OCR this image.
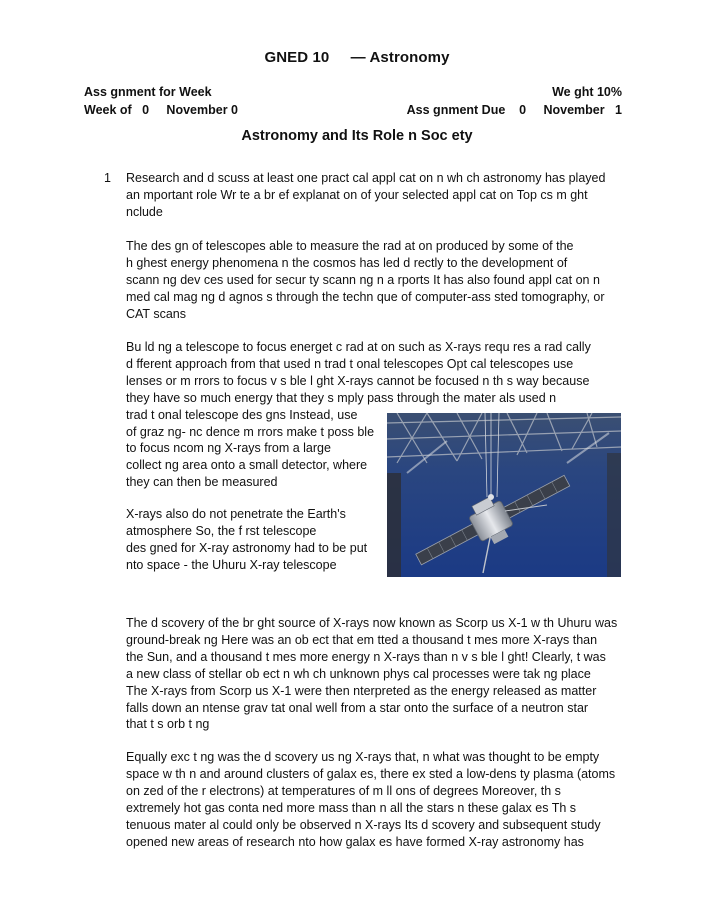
GNED 10 — Astronomy
Ass gnment for Week	We ght 10%
Week of   0     November 0	Ass gnment Due    0     November   1
Astronomy and Its Role n Soc ety
1 Research and d scuss at least one pract cal appl cat on n wh ch astronomy has played
an mportant role Wr te a br ef explanat on of your selected appl cat on Top cs m ght
nclude
The des gn of telescopes able to measure the rad at on produced by some of the
h ghest energy phenomena n the cosmos has led d rectly to the development of
scann ng dev ces used for secur ty scann ng n a rports It has also found appl cat on n
med cal mag ng d agnos s through the techn que of computer-ass sted tomography, or
CAT scans
Bu ld ng a telescope to focus energet c rad at on such as X-rays requ res a rad cally
d fferent approach from that used n trad t onal telescopes Opt cal telescopes use
lenses or m rrors to focus v s ble l ght X-rays cannot be focused n th s way because
they have so much energy that they s mply pass through the mater als used n
trad t onal telescope des gns Instead, use
of graz ng- nc dence m rrors make t poss ble
to focus ncom ng X-rays from a large
collect ng area onto a small detector, where
they can then be measured
X-rays also do not penetrate the Earth's
atmosphere So, the f rst telescope
des gned for X-ray astronomy had to be put
nto space - the Uhuru X-ray telescope
The d scovery of the br ght source of X-rays now known as Scorp us X-1 w th Uhuru was
ground-break ng Here was an ob ect that em tted a thousand t mes more X-rays than
the Sun, and a thousand t mes more energy n X-rays than n v s ble l ght! Clearly, t was
a new class of stellar ob ect n wh ch unknown phys cal processes were tak ng place
The X-rays from Scorp us X-1 were then nterpreted as the energy released as matter
falls down an ntense grav tat onal well from a star onto the surface of a neutron star
that t s orb t ng
Equally exc t ng was the d scovery us ng X-rays that, n what was thought to be empty
space w th n and around clusters of galax es, there ex sted a low-dens ty plasma (atoms
on zed of the r electrons) at temperatures of m ll ons of degrees Moreover, th s
extremely hot gas conta ned more mass than n all the stars n these galax es Th s
tenuous mater al could only be observed n X-rays Its d scovery and subsequent study
opened new areas of research nto how galax es have formed X-ray astronomy has
